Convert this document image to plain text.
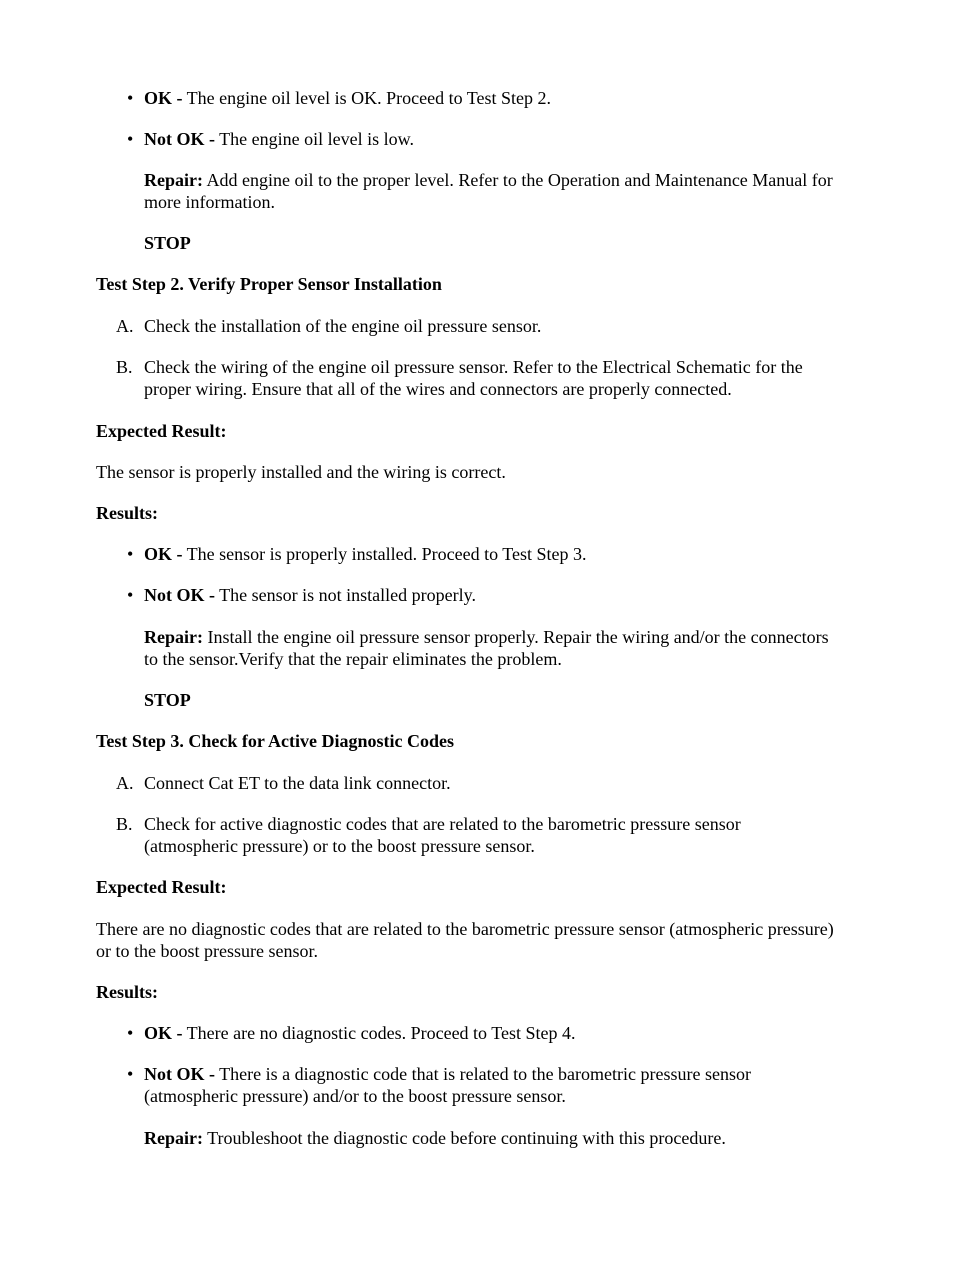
• OK - The engine oil level is OK. Proceed to Test Step 2.
• Not OK - The engine oil level is low.
Repair: Add engine oil to the proper level. Refer to the Operation and Maintenance Manual for
more information.
STOP
Test Step 2. Verify Proper Sensor Installation
A. Check the installation of the engine oil pressure sensor.
B. Check the wiring of the engine oil pressure sensor. Refer to the Electrical Schematic for the
proper wiring. Ensure that all of the wires and connectors are properly connected.
Expected Result:
The sensor is properly installed and the wiring is correct.
Results:
• OK - The sensor is properly installed. Proceed to Test Step 3.
• Not OK - The sensor is not installed properly.
Repair: Install the engine oil pressure sensor properly. Repair the wiring and/or the connectors
to the sensor.Verify that the repair eliminates the problem.
STOP
Test Step 3. Check for Active Diagnostic Codes
A. Connect Cat ET to the data link connector.
B. Check for active diagnostic codes that are related to the barometric pressure sensor
(atmospheric pressure) or to the boost pressure sensor.
Expected Result:
There are no diagnostic codes that are related to the barometric pressure sensor (atmospheric pressure)
or to the boost pressure sensor.
Results:
• OK - There are no diagnostic codes. Proceed to Test Step 4.
• Not OK - There is a diagnostic code that is related to the barometric pressure sensor
(atmospheric pressure) and/or to the boost pressure sensor.
Repair: Troubleshoot the diagnostic code before continuing with this procedure.
